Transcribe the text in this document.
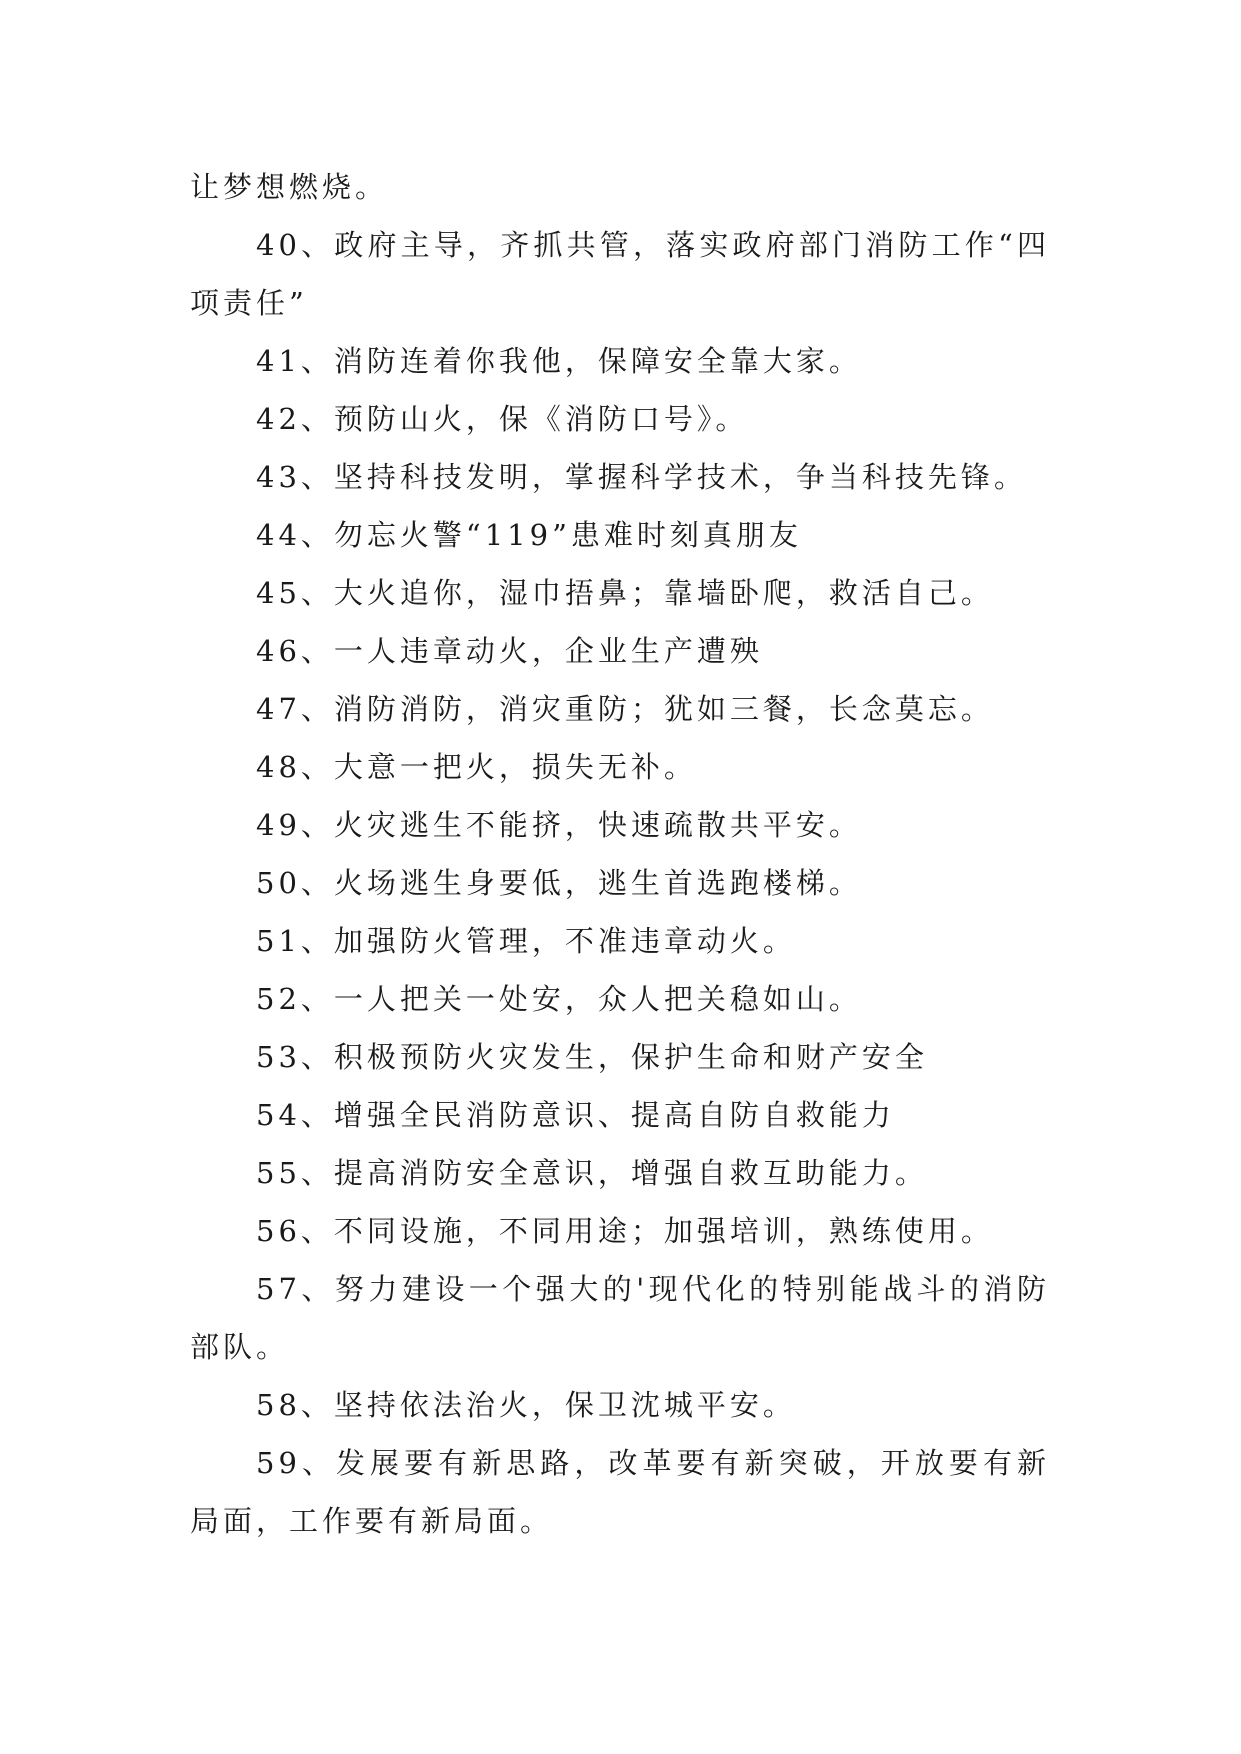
让梦想燃烧。

40、政府主导，齐抓共管，落实政府部门消防工作“四项责任”

41、消防连着你我他，保障安全靠大家。

42、预防山火，保《消防口号》。

43、坚持科技发明，掌握科学技术，争当科技先锋。

44、勿忘火警“119”患难时刻真朋友

45、大火追你，湿巾捂鼻；靠墙卧爬，救活自己。

46、一人违章动火，企业生产遭殃

47、消防消防，消灾重防；犹如三餐，长念莫忘。

48、大意一把火，损失无补。

49、火灾逃生不能挤，快速疏散共平安。

50、火场逃生身要低，逃生首选跑楼梯。

51、加强防火管理，不准违章动火。

52、一人把关一处安，众人把关稳如山。

53、积极预防火灾发生，保护生命和财产安全

54、增强全民消防意识、提高自防自救能力

55、提高消防安全意识，增强自救互助能力。

56、不同设施，不同用途；加强培训，熟练使用。

57、努力建设一个强大的'现代化的特别能战斗的消防部队。

58、坚持依法治火，保卫沈城平安。

59、发展要有新思路，改革要有新突破，开放要有新局面，工作要有新局面。
